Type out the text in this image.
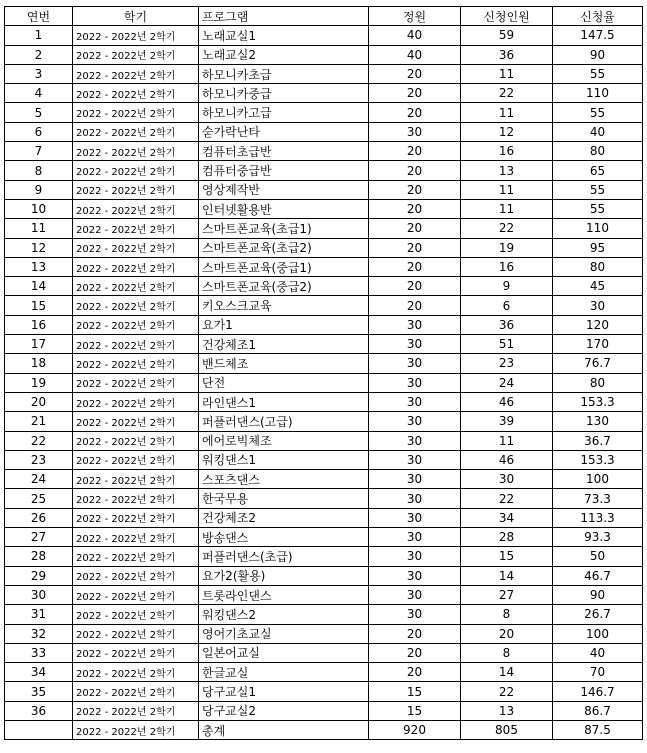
연번	학기	프로그램	정원	신청인원	신청율
1	2022 - 2022년 2학기	노래교실1	40	59	147.5
2	2022 - 2022년 2학기	노래교실2	40	36	90
3	2022 - 2022년 2학기	하모니카초급	20	11	55
4	2022 - 2022년 2학기	하모니카중급	20	22	110
5	2022 - 2022년 2학기	하모니카고급	20	11	55
6	2022 - 2022년 2학기	숟가락난타	30	12	40
7	2022 - 2022년 2학기	컴퓨터초급반	20	16	80
8	2022 - 2022년 2학기	컴퓨터중급반	20	13	65
9	2022 - 2022년 2학기	영상제작반	20	11	55
10	2022 - 2022년 2학기	인터넷활용반	20	11	55
11	2022 - 2022년 2학기	스마트폰교육(초급1)	20	22	110
12	2022 - 2022년 2학기	스마트폰교육(초급2)	20	19	95
13	2022 - 2022년 2학기	스마트폰교육(중급1)	20	16	80
14	2022 - 2022년 2학기	스마트폰교육(중급2)	20	9	45
15	2022 - 2022년 2학기	키오스크교육	20	6	30
16	2022 - 2022년 2학기	요가1	30	36	120
17	2022 - 2022년 2학기	건강체조1	30	51	170
18	2022 - 2022년 2학기	밴드체조	30	23	76.7
19	2022 - 2022년 2학기	단전	30	24	80
20	2022 - 2022년 2학기	라인댄스1	30	46	153.3
21	2022 - 2022년 2학기	퍼플러댄스(고급)	30	39	130
22	2022 - 2022년 2학기	에어로빅체조	30	11	36.7
23	2022 - 2022년 2학기	워킹댄스1	30	46	153.3
24	2022 - 2022년 2학기	스포츠댄스	30	30	100
25	2022 - 2022년 2학기	한국무용	30	22	73.3
26	2022 - 2022년 2학기	건강체조2	30	34	113.3
27	2022 - 2022년 2학기	방송댄스	30	28	93.3
28	2022 - 2022년 2학기	퍼플러댄스(초급)	30	15	50
29	2022 - 2022년 2학기	요가2(활용)	30	14	46.7
30	2022 - 2022년 2학기	트롯라인댄스	30	27	90
31	2022 - 2022년 2학기	워킹댄스2	30	8	26.7
32	2022 - 2022년 2학기	영어기초교실	20	20	100
33	2022 - 2022년 2학기	일본어교실	20	8	40
34	2022 - 2022년 2학기	한글교실	20	14	70
35	2022 - 2022년 2학기	당구교실1	15	22	146.7
36	2022 - 2022년 2학기	당구교실2	15	13	86.7
	2022 - 2022년 2학기	총계	920	805	87.5
